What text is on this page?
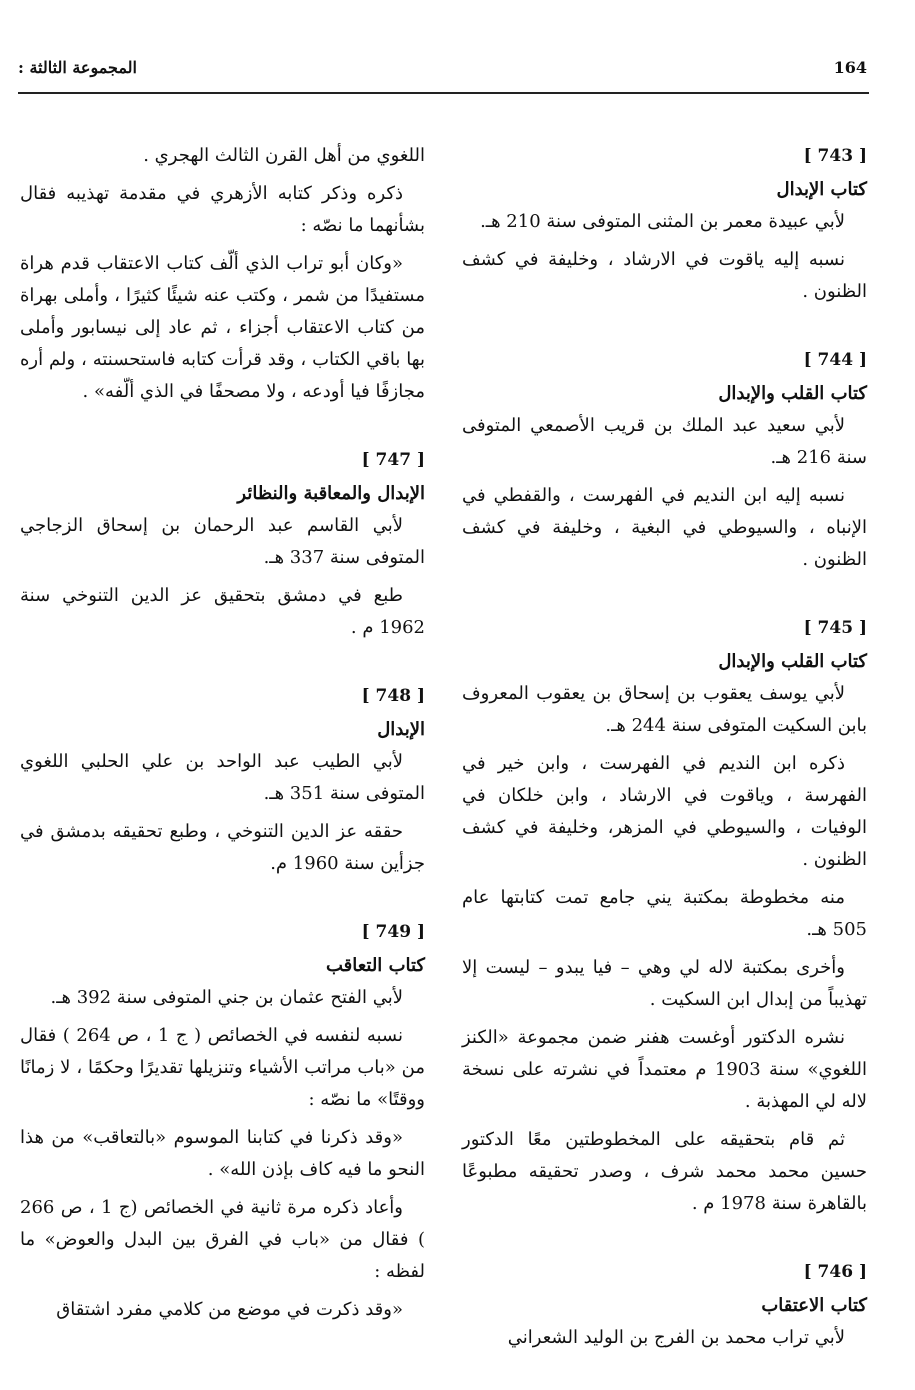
164
المجموعة الثالثة :
[ 743 ]
كتاب الإبدال
لأبي عبيدة معمر بن المثنى المتوفى سنة 210 هـ.
نسبه إليه ياقوت في الارشاد ، وخليفة في كشف الظنون .
[ 744 ]
كتاب القلب والإبدال
لأبي سعيد عبد الملك بن قريب الأصمعي المتوفى سنة 216 هـ.
نسبه إليه ابن النديم في الفهرست ، والقفطي في الإنباه ، والسيوطي في البغية ، وخليفة في كشف الظنون .
[ 745 ]
كتاب القلب والإبدال
لأبي يوسف يعقوب بن إسحاق بن يعقوب المعروف بابن السكيت المتوفى سنة 244 هـ.
ذكره ابن النديم في الفهرست ، وابن خير في الفهرسة ، وياقوت في الارشاد ، وابن خلكان في الوفيات ، والسيوطي في المزهر، وخليفة في كشف الظنون .
منه مخطوطة بمكتبة يني جامع تمت كتابتها عام 505 هـ.
وأخرى بمكتبة لاله لي وهي – فيا يبدو – ليست إلا تهذيباً من إبدال ابن السكيت .
نشره الدكتور أوغست هفنر ضمن مجموعة «الكنز اللغوي» سنة 1903 م معتمداً في نشرته على نسخة لاله لي المهذبة .
ثم قام بتحقيقه على المخطوطتين معًا الدكتور حسين محمد محمد شرف ، وصدر تحقيقه مطبوعًا بالقاهرة سنة 1978 م .
[ 746 ]
كتاب الاعتقاب
لأبي تراب محمد بن الفرج بن الوليد الشعراني
اللغوي من أهل القرن الثالث الهجري .
ذكره وذكر كتابه الأزهري في مقدمة تهذيبه فقال بشأنهما ما نصّه :
«وكان أبو تراب الذي ألّف كتاب الاعتقاب قدم هراة مستفيدًا من شمر ، وكتب عنه شيئًا كثيرًا ، وأملى بهراة من كتاب الاعتقاب أجزاء ، ثم عاد إلى نيسابور وأملى بها باقي الكتاب ، وقد قرأت كتابه فاستحسنته ، ولم أره مجازفًا فيا أودعه ، ولا مصحفًا في الذي ألّفه» .
[ 747 ]
الإبدال والمعاقبة والنظائر
لأبي القاسم عبد الرحمان بن إسحاق الزجاجي المتوفى سنة 337 هـ.
طبع في دمشق بتحقيق عز الدين التنوخي سنة 1962 م .
[ 748 ]
الإبدال
لأبي الطيب عبد الواحد بن علي الحلبي اللغوي المتوفى سنة 351 هـ.
حققه عز الدين التنوخي ، وطبع تحقيقه بدمشق في جزأين سنة 1960 م.
[ 749 ]
كتاب التعاقب
لأبي الفتح عثمان بن جني المتوفى سنة 392 هـ.
نسبه لنفسه في الخصائص ( ج 1 ، ص 264 ) فقال من «باب مراتب الأشياء وتنزيلها تقديرًا وحكمًا ، لا زمانًا ووقتًا» ما نصّه :
«وقد ذكرنا في كتابنا الموسوم «بالتعاقب» من هذا النحو ما فيه كاف بإذن الله» .
وأعاد ذكره مرة ثانية في الخصائص (ج 1 ، ص 266 ) فقال من «باب في الفرق بين البدل والعوض» ما لفظه :
«وقد ذكرت في موضع من كلامي مفرد اشتقاق
